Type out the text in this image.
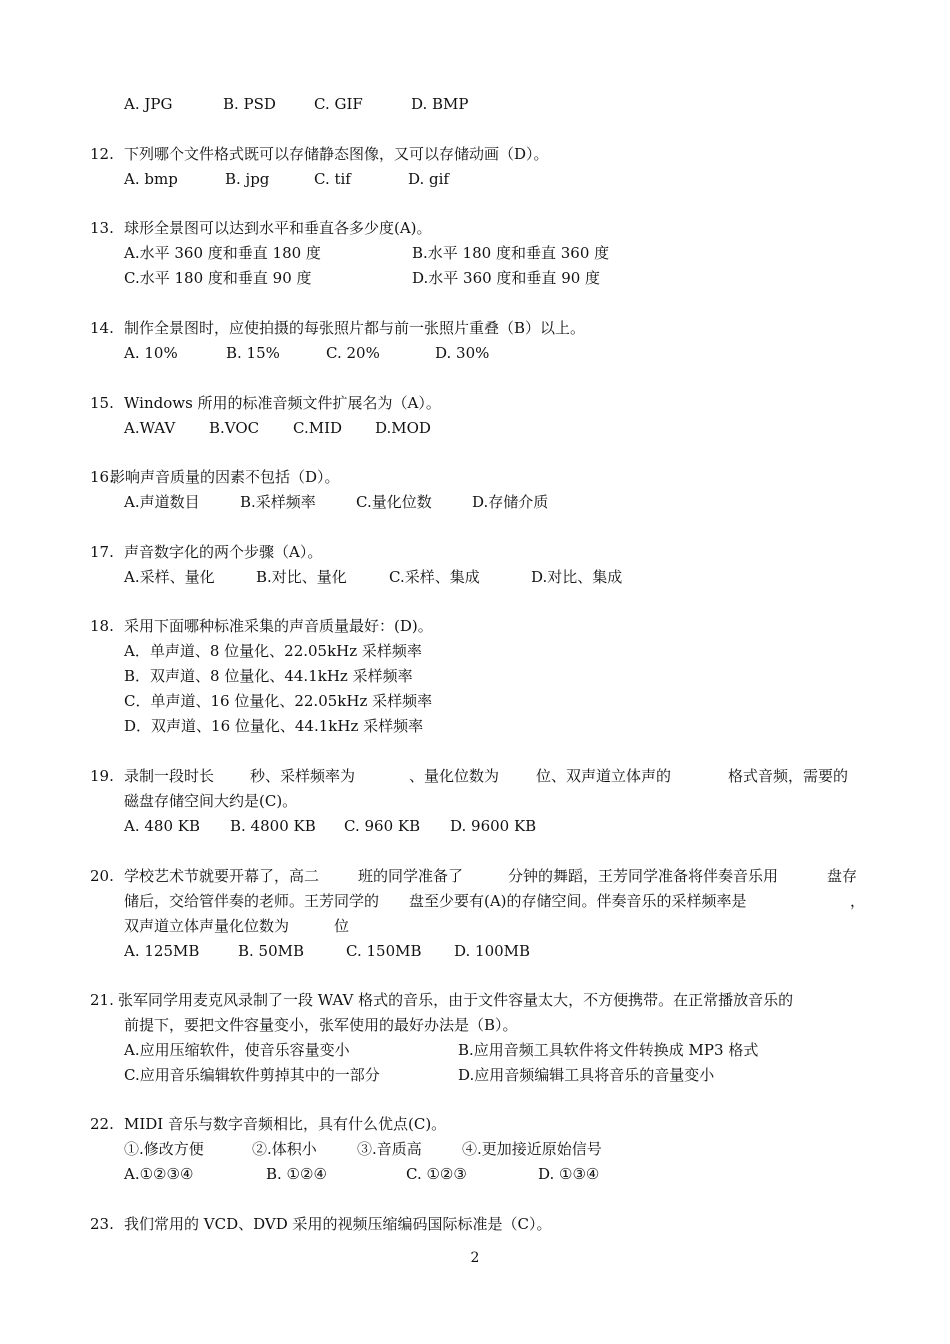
A. JPG	B. PSD	C. GIF	D. BMP
12. 下列哪个文件格式既可以存储静态图像，又可以存储动画（D）。
A. bmp	B. jpg	C. tif	D. gif
13. 球形全景图可以达到水平和垂直各多少度(A)。
A.水平 360 度和垂直 180 度	B.水平 180 度和垂直 360 度
C.水平 180 度和垂直 90 度	D.水平 360 度和垂直 90 度
14. 制作全景图时，应使拍摄的每张照片都与前一张照片重叠（B）以上。
A. 10%	B. 15%	C. 20%	D. 30%
15. Windows 所用的标准音频文件扩展名为（A）。
A.WAV B.VOC C.MID D.MOD
16.
影响声音质量的因素不包括（D）。
A.声道数目	B.采样频率	C.量化位数	D.存储介质
17. 声音数字化的两个步骤（A）。
A.采样、量化	B.对比、量化	C.采样、集成	D.对比、集成
18. 采用下面哪种标准采集的声音质量最好：(D)。
A．单声道、8 位量化、22.05kHz 采样频率
B．双声道、8 位量化、44.1kHz 采样频率
C．单声道、16 位量化、22.05kHz 采样频率
D．双声道、16 位量化、44.1kHz 采样频率
19. 录制一段时长 秒、采样频率为	、量化位数为 位、双声道立体声的	格式音频，需要的
磁盘存储空间大约是(C)。
A. 480 KB B. 4800 KB C. 960 KB D. 9600 KB
20. 学校艺术节就要开幕了，高二	班的同学准备了	分钟的舞蹈，王芳同学准备将伴奏音乐用	盘存
储后，交给管伴奏的老师。王芳同学的 盘至少要有(A)的存储空间。伴奏音乐的采样频率是	，
双声道立体声量化位数为	位
A. 125MB	B. 50MB	C. 150MB D. 100MB
21. 张军同学用麦克风录制了一段 WAV 格式的音乐，由于文件容量太大，不方便携带。在正常播放音乐的
前提下，要把文件容量变小，张军使用的最好办法是（B）。
A.应用压缩软件，使音乐容量变小	B.应用音频工具软件将文件转换成 MP3 格式
C.应用音乐编辑软件剪掉其中的一部分	D.应用音频编辑工具将音乐的音量变小
22. MIDI 音乐与数字音频相比，具有什么优点(C)。
①.修改方便	②.体积小	③.音质高	④.更加接近原始信号
A.①②③④	B. ①②④	C. ①②③	D. ①③④
23. 我们常用的 VCD、DVD 采用的视频压缩编码国际标准是（C）。
2
